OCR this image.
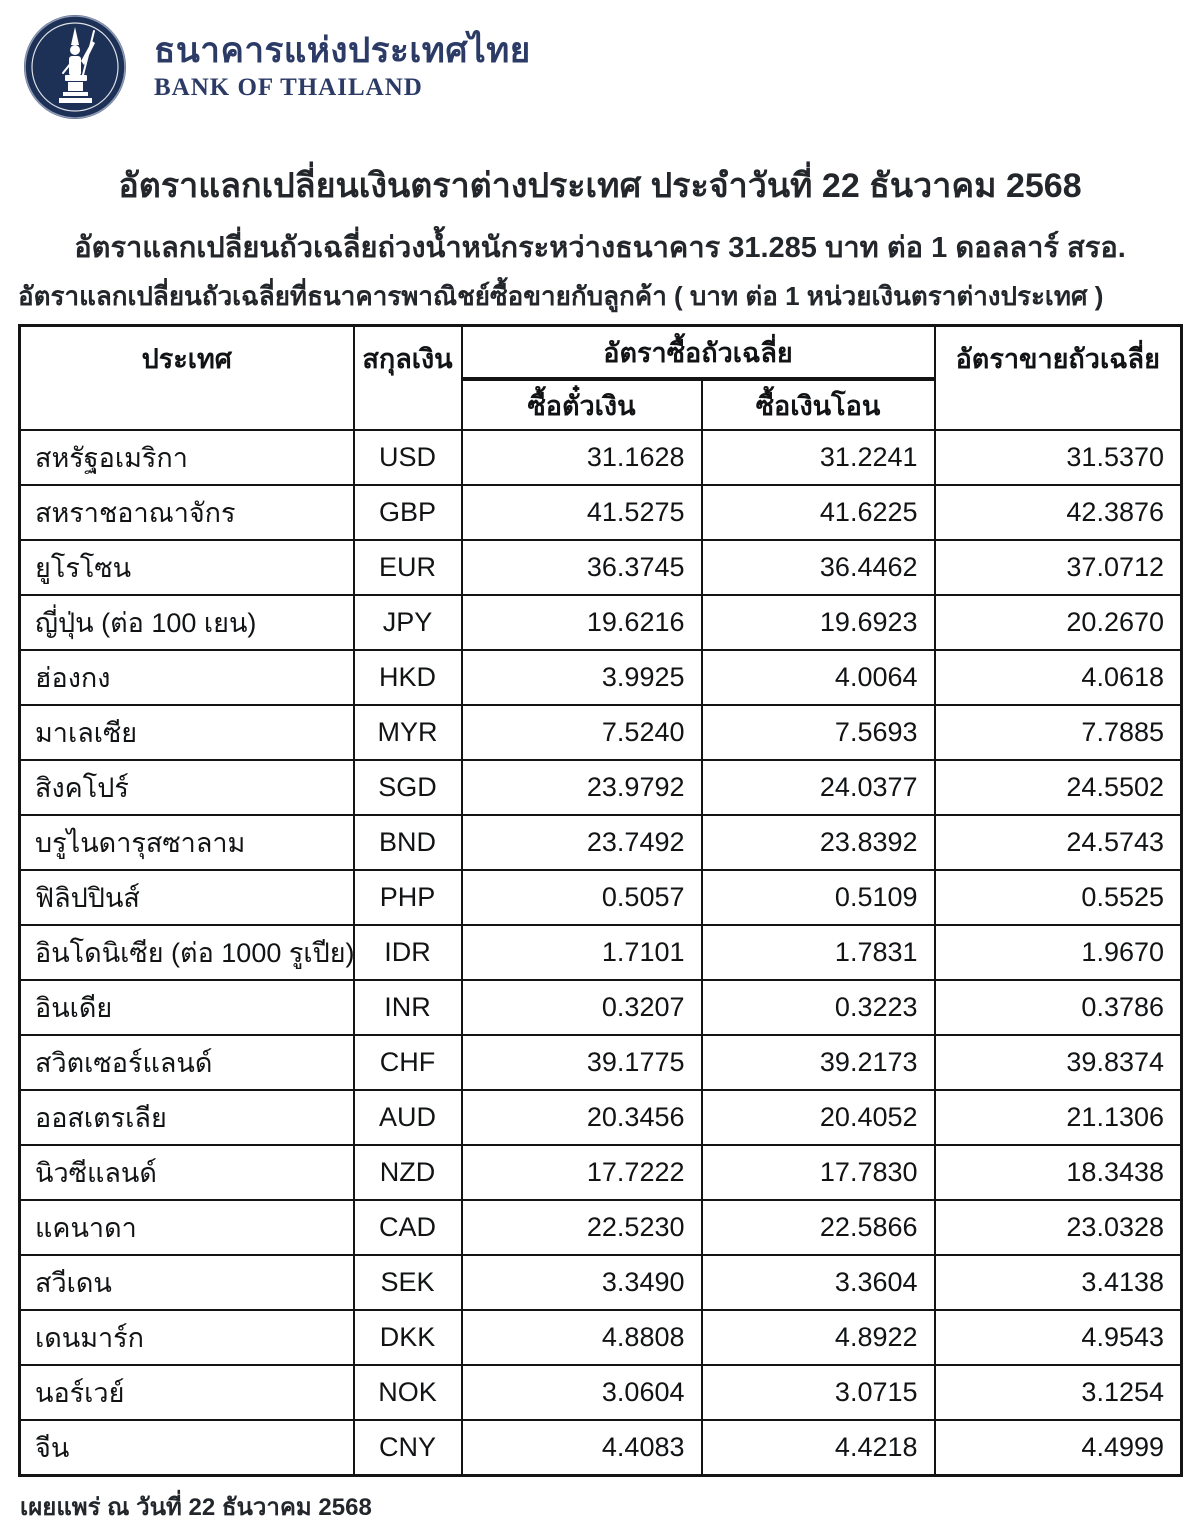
ธนาคารแห่งประเทศไทย
BANK OF THAILAND
อัตราแลกเปลี่ยนเงินตราต่างประเทศ ประจำวันที่ 22 ธันวาคม 2568
อัตราแลกเปลี่ยนถัวเฉลี่ยถ่วงน้ำหนักระหว่างธนาคาร 31.285 บาท ต่อ 1 ดอลลาร์ สรอ.
อัตราแลกเปลี่ยนถัวเฉลี่ยที่ธนาคารพาณิชย์ซื้อขายกับลูกค้า ( บาท ต่อ 1 หน่วยเงินตราต่างประเทศ )
ประเทศ	สกุลเงิน	อัตราซื้อถัวเฉลี่ย		อัตราขายถัวเฉลี่ย
		ซื้อตั๋วเงิน	ซื้อเงินโอน	
สหรัฐอเมริกา	USD	31.1628	31.2241	31.5370
สหราชอาณาจักร	GBP	41.5275	41.6225	42.3876
ยูโรโซน	EUR	36.3745	36.4462	37.0712
ญี่ปุ่น (ต่อ 100 เยน)	JPY	19.6216	19.6923	20.2670
ฮ่องกง	HKD	3.9925	4.0064	4.0618
มาเลเซีย	MYR	7.5240	7.5693	7.7885
สิงคโปร์	SGD	23.9792	24.0377	24.5502
บรูไนดารุสซาลาม	BND	23.7492	23.8392	24.5743
ฟิลิปปินส์	PHP	0.5057	0.5109	0.5525
อินโดนิเซีย (ต่อ 1000 รูเปีย)	IDR	1.7101	1.7831	1.9670
อินเดีย	INR	0.3207	0.3223	0.3786
สวิตเซอร์แลนด์	CHF	39.1775	39.2173	39.8374
ออสเตรเลีย	AUD	20.3456	20.4052	21.1306
นิวซีแลนด์	NZD	17.7222	17.7830	18.3438
แคนาดา	CAD	22.5230	22.5866	23.0328
สวีเดน	SEK	3.3490	3.3604	3.4138
เดนมาร์ก	DKK	4.8808	4.8922	4.9543
นอร์เวย์	NOK	3.0604	3.0715	3.1254
จีน	CNY	4.4083	4.4218	4.4999
เผยแพร่ ณ วันที่ 22 ธันวาคม 2568
